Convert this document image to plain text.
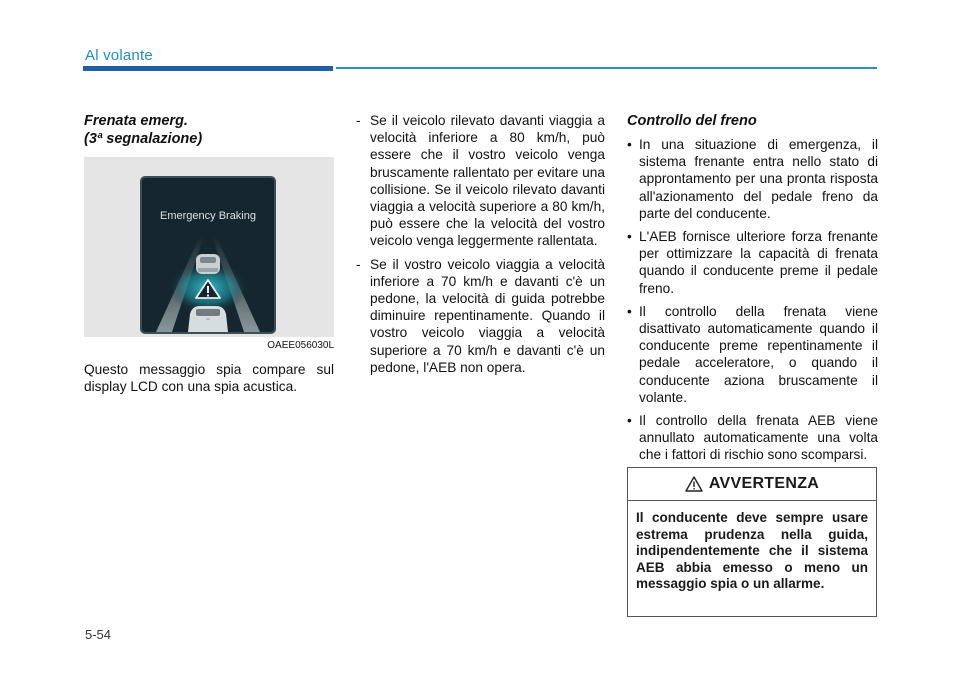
Al volante

Frenata emerg.
(3ª segnalazione)

Emergency Braking
OAEE056030L

Questo messaggio spia compare sul display LCD con una spia acustica.

- Se il veicolo rilevato davanti viaggia a velocità inferiore a 80 km/h, può essere che il vostro veicolo venga bruscamente rallentato per evitare una collisione. Se il veicolo rilevato davanti viaggia a velocità superiore a 80 km/h, può essere che la velocità del vostro veicolo venga leggermente rallentata.
- Se il vostro veicolo viaggia a velocità inferiore a 70 km/h e davanti c'è un pedone, la velocità di guida potrebbe diminuire repentinamente. Quando il vostro veicolo viaggia a velocità superiore a 70 km/h e davanti c'è un pedone, l'AEB non opera.

Controllo del freno

• In una situazione di emergenza, il sistema frenante entra nello stato di approntamento per una pronta risposta all'azionamento del pedale freno da parte del conducente.
• L'AEB fornisce ulteriore forza frenante per ottimizzare la capacità di frenata quando il conducente preme il pedale freno.
• Il controllo della frenata viene disattivato automaticamente quando il conducente preme repentinamente il pedale acceleratore, o quando il conducente aziona bruscamente il volante.
• Il controllo della frenata AEB viene annullato automaticamente una volta che i fattori di rischio sono scomparsi.
AVVERTENZA
Il conducente deve sempre usare estrema prudenza nella guida, indipendentemente che il sistema AEB abbia emesso o meno un messaggio spia o un allarme.
5-54
